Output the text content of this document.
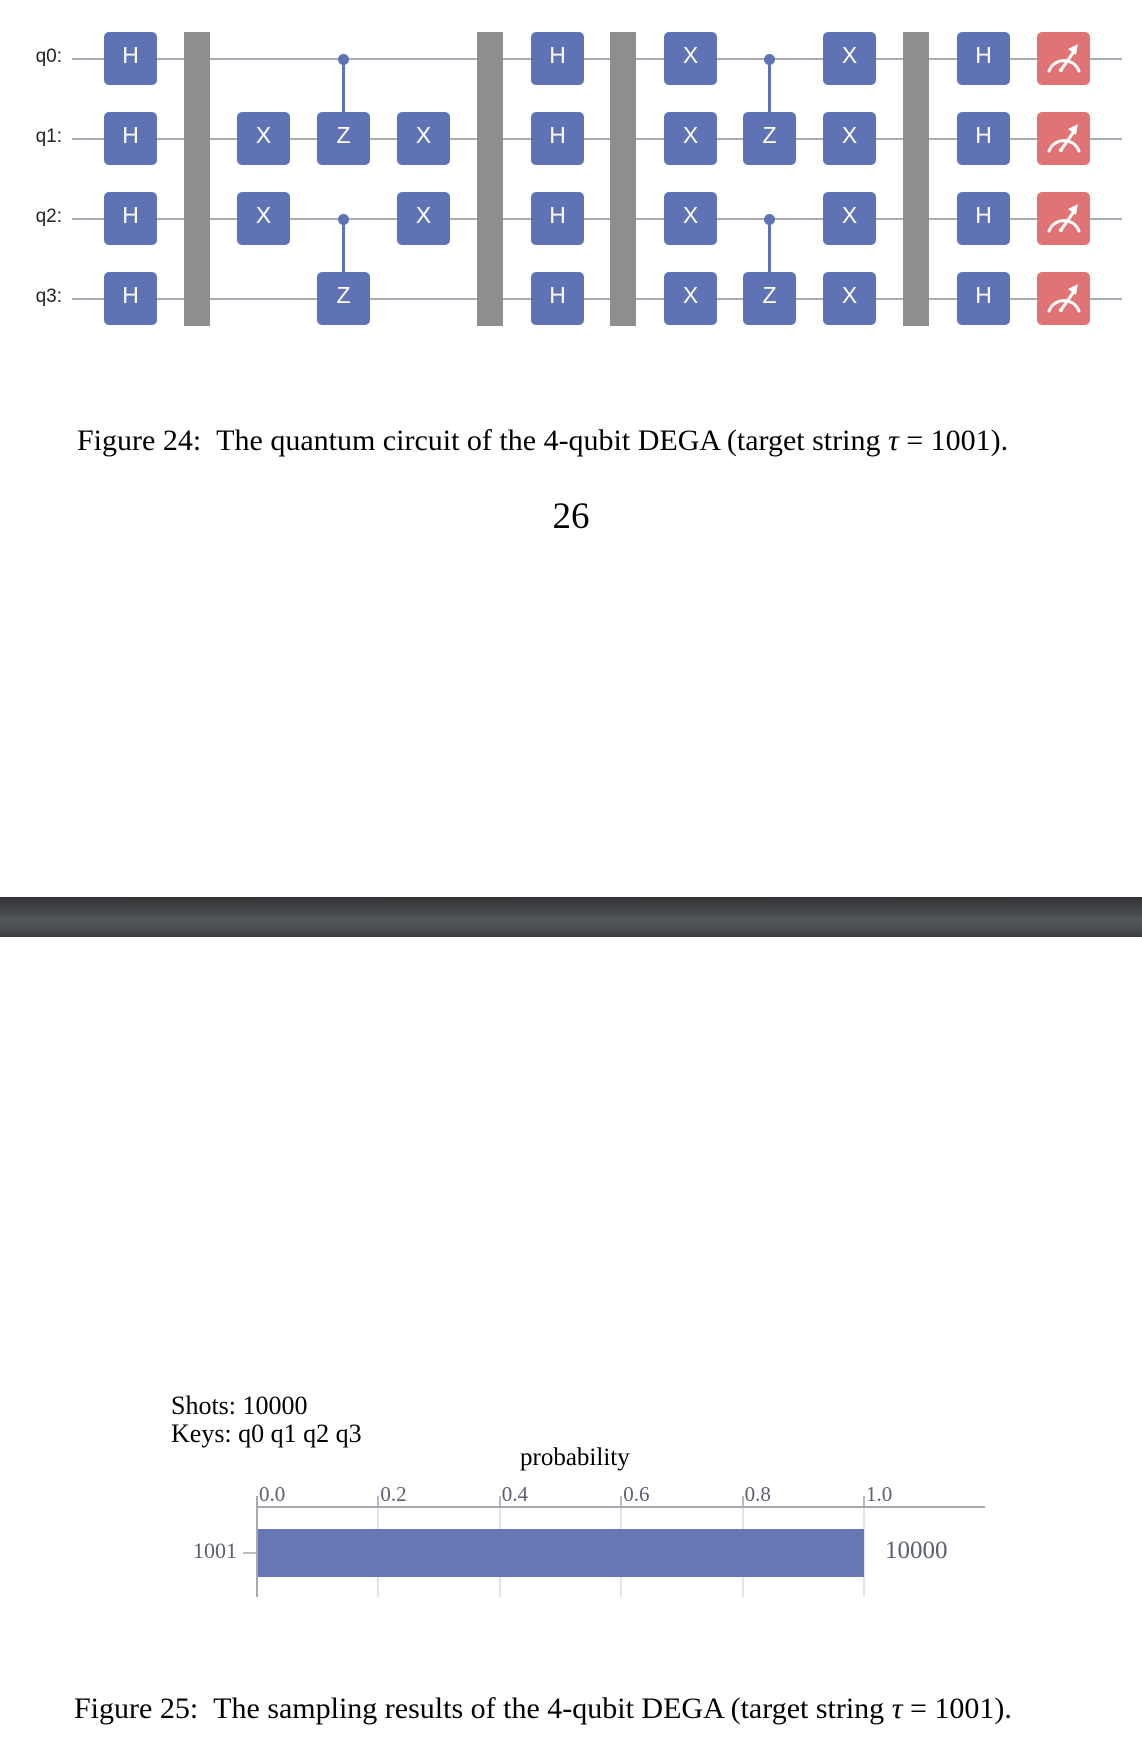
q0:
q1:
q2:
q3:
H
H
H
H
X
X
Z
Z
X
X
H
H
H
H
X
X
X
X
Z
Z
X
X
X
X
H
H
H
H
Figure 24: The quantum circuit of the 4-qubit DEGA (target string τ = 1001).
26
Shots: 10000
Keys: q0 q1 q2 q3
probability
0.0	0.2	0.4	0.6	0.8	1.0
1001	10000
Figure 25: The sampling results of the 4-qubit DEGA (target string τ = 1001).
